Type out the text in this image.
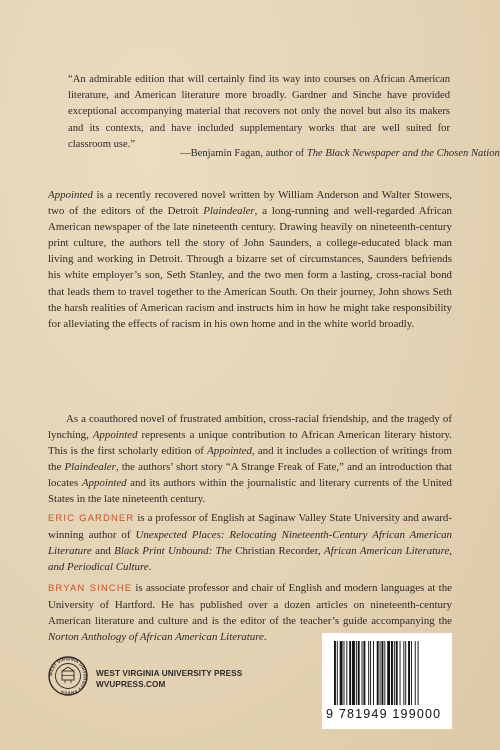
“An admirable edition that will certainly find its way into courses on African American literature, and American literature more broadly. Gardner and Sinche have provided exceptional accompanying material that recovers not only the novel but also its makers and its contexts, and have included supplementary works that are well suited for classroom use.”

—Benjamin Fagan, author of The Black Newspaper and the Chosen Nation

Appointed is a recently recovered novel written by William Anderson and Walter Stowers, two of the editors of the Detroit Plaindealer, a long-running and well-regarded African American newspaper of the late nineteenth century. Drawing heavily on nineteenth-century print culture, the authors tell the story of John Saunders, a college-educated black man living and working in Detroit. Through a bizarre set of circumstances, Saunders befriends his white employer’s son, Seth Stanley, and the two men form a lasting, cross-racial bond that leads them to travel together to the American South. On their journey, John shows Seth the harsh realities of American racism and instructs him in how he might take responsibility for alleviating the effects of racism in his own home and in the white world broadly.

As a coauthored novel of frustrated ambition, cross-racial friendship, and the tragedy of lynching, Appointed represents a unique contribution to African American literary history. This is the first scholarly edition of Appointed, and it includes a collection of writings from the Plaindealer, the authors’ short story “A Strange Freak of Fate,” and an introduction that locates Appointed and its authors within the journalistic and literary currents of the United States in the late nineteenth century.

ERIC GARDNER is a professor of English at Saginaw Valley State University and award-winning author of Unexpected Places: Relocating Nineteenth-Century African American Literature and Black Print Unbound: The Christian Recorder, African American Literature, and Periodical Culture.

BRYAN SINCHE is associate professor and chair of English and modern languages at the University of Hartford. He has published over a dozen articles on nineteenth-century American literature and culture and is the editor of the teacher’s guide accompanying the Norton Anthology of African American Literature.

WEST VIRGINIA UNIVERSITY PRESS
WEST VIRGINIA UNIVERSITY PRESS
WVUPRESS.COM
9 781949 199000
